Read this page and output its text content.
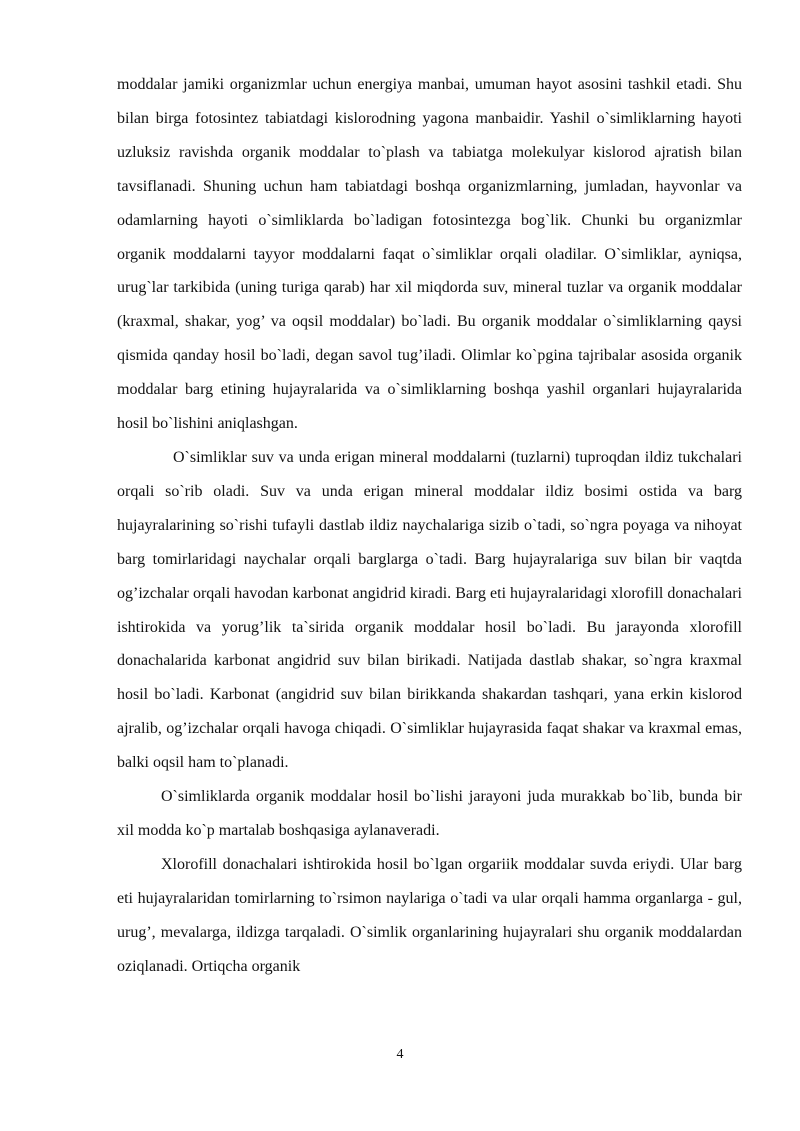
moddalar jamiki organizmlar uchun energiya manbai, umuman hayot asosini tashkil etadi. Shu bilan birga fotosintez tabiatdagi kislorodning yagona manbaidir. Yashil o`simliklarning hayoti uzluksiz ravishda organik moddalar to`plash va tabiatga molekulyar kislorod ajratish bilan tavsiflanadi. Shuning uchun ham tabiatdagi boshqa organizmlarning, jumladan, hayvonlar va odamlarning hayoti o`simliklarda bo`ladigan fotosintezga bog`lik. Chunki bu organizmlar organik moddalarni tayyor moddalarni faqat o`simliklar orqali oladilar. O`simliklar, ayniqsa, urug`lar tarkibida (uning turiga qarab) har xil miqdorda suv, mineral tuzlar va organik moddalar (kraxmal, shakar, yog’ va oqsil moddalar) bo`ladi. Bu organik moddalar o`simliklarning qaysi qismida qanday hosil bo`ladi, degan savol tug’iladi. Olimlar ko`pgina tajribalar asosida organik moddalar barg etining hujayralarida va o`simliklarning boshqa yashil organlari hujayralarida hosil bo`lishini aniqlashgan.

O`simliklar suv va unda erigan mineral moddalarni (tuzlarni) tuproqdan ildiz tukchalari orqali so`rib oladi. Suv va unda erigan mineral moddalar ildiz bosimi ostida va barg hujayralarining so`rishi tufayli dastlab ildiz naychalariga sizib o`tadi, so`ngra poyaga va nihoyat barg tomirlaridagi naychalar orqali barglarga o`tadi. Barg hujayralariga suv bilan bir vaqtda og’izchalar orqali havodan karbonat angidrid kiradi. Barg eti hujayralaridagi xlorofill donachalari ishtirokida va yorug’lik ta`sirida organik moddalar hosil bo`ladi. Bu jarayonda xlorofill donachalarida karbonat angidrid suv bilan birikadi. Natijada dastlab shakar, so`ngra kraxmal hosil bo`ladi. Karbonat (angidrid suv bilan birikkanda shakardan tashqari, yana erkin kislorod ajralib, og’izchalar orqali havoga chiqadi. O`simliklar hujayrasida faqat shakar va kraxmal emas, balki oqsil ham to`planadi.

O`simliklarda organik moddalar hosil bo`lishi jarayoni juda murakkab bo`lib, bunda bir xil modda ko`p martalab boshqasiga aylanaveradi.

Xlorofill donachalari ishtirokida hosil bo`lgan orgariik moddalar suvda eriydi. Ular barg eti hujayralaridan tomirlarning to`rsimon naylariga o`tadi va ular orqali hamma organlarga - gul, urug’, mevalarga, ildizga tarqaladi. O`simlik organlarining hujayralari shu organik moddalardan oziqlanadi. Ortiqcha organik

4
